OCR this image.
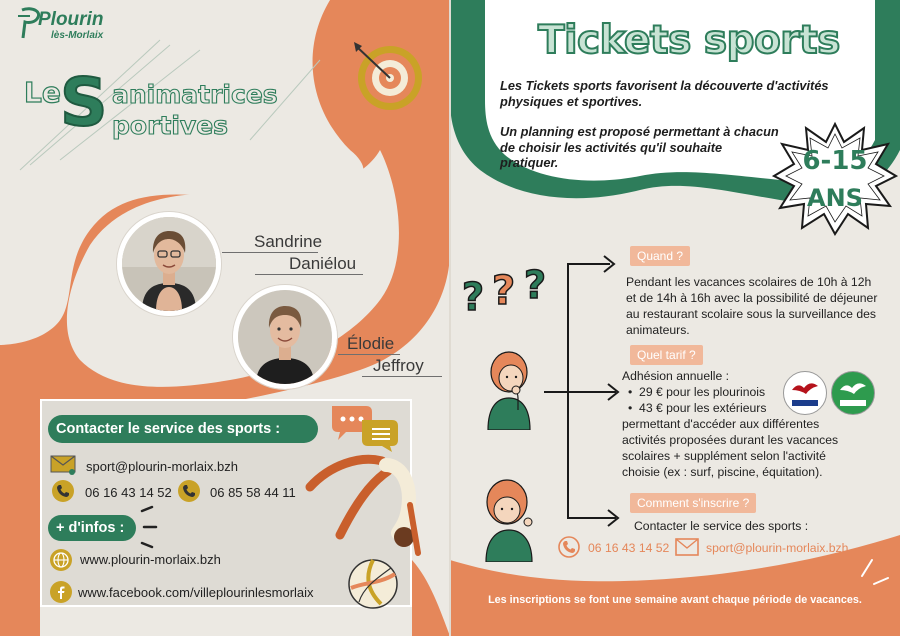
Plourin
lès-Morlaix
Le S animatrices
portives
Sandrine
Daniélou
Élodie
Jeffroy
Contacter le service des sports :
sport@plourin-morlaix.bzh
06 16 43 14 52	06 85 58 44 11
+ d'infos :
www.plourin-morlaix.bzh
www.facebook.com/villeplourinlesmorlaix
Tickets sports

Les Tickets sports favorisent la découverte d'activités physiques et sportives.

Un planning est proposé permettant à chacun de choisir les activités qu'il souhaite pratiquer.	6-15
ANS
? ? ?
Quand ?
Pendant les vacances scolaires de 10h à 12h et de 14h à 16h avec la possibilité de déjeuner au restaurant scolaire sous la surveillance des animateurs.
Quel tarif ?
Adhésion annuelle :
•  29 € pour les plourinois
•  43 € pour les extérieurs
permettant d'accéder aux différentes activités proposées durant les vacances scolaires + supplément selon l'activité choisie (ex : surf, piscine, équitation).
Comment s'inscrire ?
Contacter le service des sports :
06 16 43 14 52	sport@plourin-morlaix.bzh
Les inscriptions se font une semaine avant chaque période de vacances.
